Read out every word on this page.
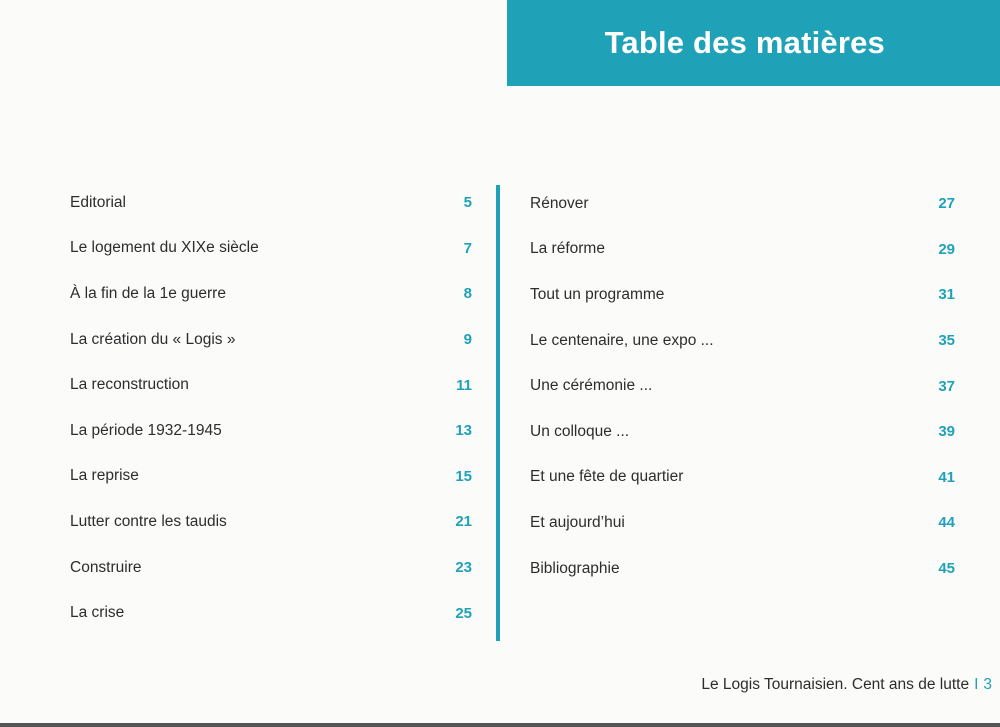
Table des matières
Editorial	5
Le logement du XIXe siècle	7
À la fin de la 1e guerre	8
La création du « Logis »	9
La reconstruction	11
La période 1932-1945	13
La reprise	15
Lutter contre les taudis	21
Construire	23
La crise	25
Rénover	27
La réforme	29
Tout un programme	31
Le centenaire, une expo ...	35
Une cérémonie ...	37
Un colloque ...	39
Et une fête de quartier	41
Et aujourd’hui	44
Bibliographie	45
Le Logis Tournaisien. Cent ans de lutte I 3
